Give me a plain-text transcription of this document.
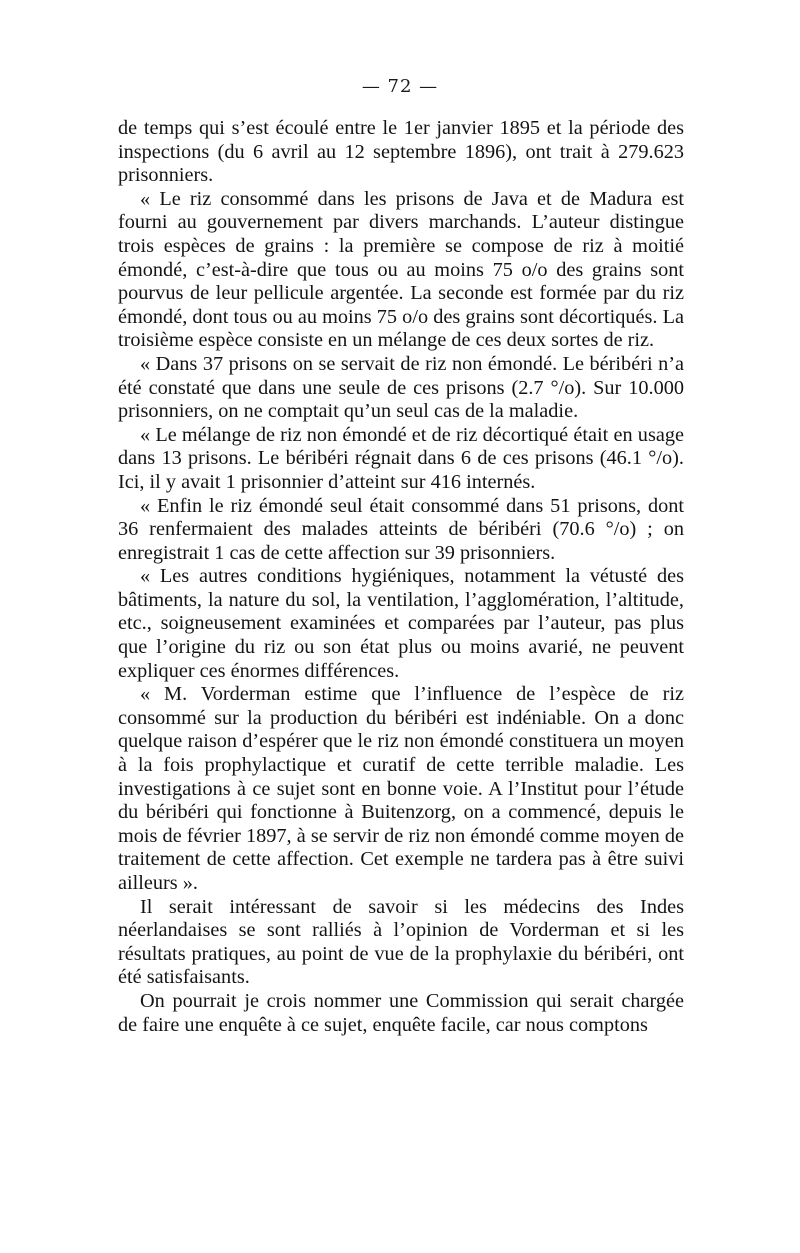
— 72 —

de temps qui s’est écoulé entre le 1er janvier 1895 et la période des inspections (du 6 avril au 12 septembre 1896), ont trait à 279.623 prisonniers.

« Le riz consommé dans les prisons de Java et de Madura est fourni au gouvernement par divers marchands. L’auteur distingue trois espèces de grains : la première se compose de riz à moitié émondé, c’est-à-dire que tous ou au moins 75 o/o des grains sont pourvus de leur pellicule argentée. La seconde est formée par du riz émondé, dont tous ou au moins 75 o/o des grains sont décortiqués. La troisième espèce consiste en un mélange de ces deux sortes de riz.

« Dans 37 prisons on se servait de riz non émondé. Le béribéri n’a été constaté que dans une seule de ces prisons (2.7 °/o). Sur 10.000 prisonniers, on ne comptait qu’un seul cas de la maladie.

« Le mélange de riz non émondé et de riz décortiqué était en usage dans 13 prisons. Le béribéri régnait dans 6 de ces prisons (46.1 °/o). Ici, il y avait 1 prisonnier d’atteint sur 416 internés.

« Enfin le riz émondé seul était consommé dans 51 prisons, dont 36 renfermaient des malades atteints de béribéri (70.6 °/o) ; on enregistrait 1 cas de cette affection sur 39 prisonniers.

« Les autres conditions hygiéniques, notamment la vétusté des bâtiments, la nature du sol, la ventilation, l’agglomération, l’altitude, etc., soigneusement examinées et comparées par l’auteur, pas plus que l’origine du riz ou son état plus ou moins avarié, ne peuvent expliquer ces énormes différences.

« M. Vorderman estime que l’influence de l’espèce de riz consommé sur la production du béribéri est indéniable. On a donc quelque raison d’espérer que le riz non émondé constituera un moyen à la fois prophylactique et curatif de cette terrible maladie. Les investigations à ce sujet sont en bonne voie. A l’Institut pour l’étude du béribéri qui fonctionne à Buitenzorg, on a commencé, depuis le mois de février 1897, à se servir de riz non émondé comme moyen de traitement de cette affection. Cet exemple ne tardera pas à être suivi ailleurs ».

Il serait intéressant de savoir si les médecins des Indes néerlandaises se sont ralliés à l’opinion de Vorderman et si les résultats pratiques, au point de vue de la prophylaxie du béribéri, ont été satisfaisants.

On pourrait je crois nommer une Commission qui serait chargée de faire une enquête à ce sujet, enquête facile, car nous comptons
